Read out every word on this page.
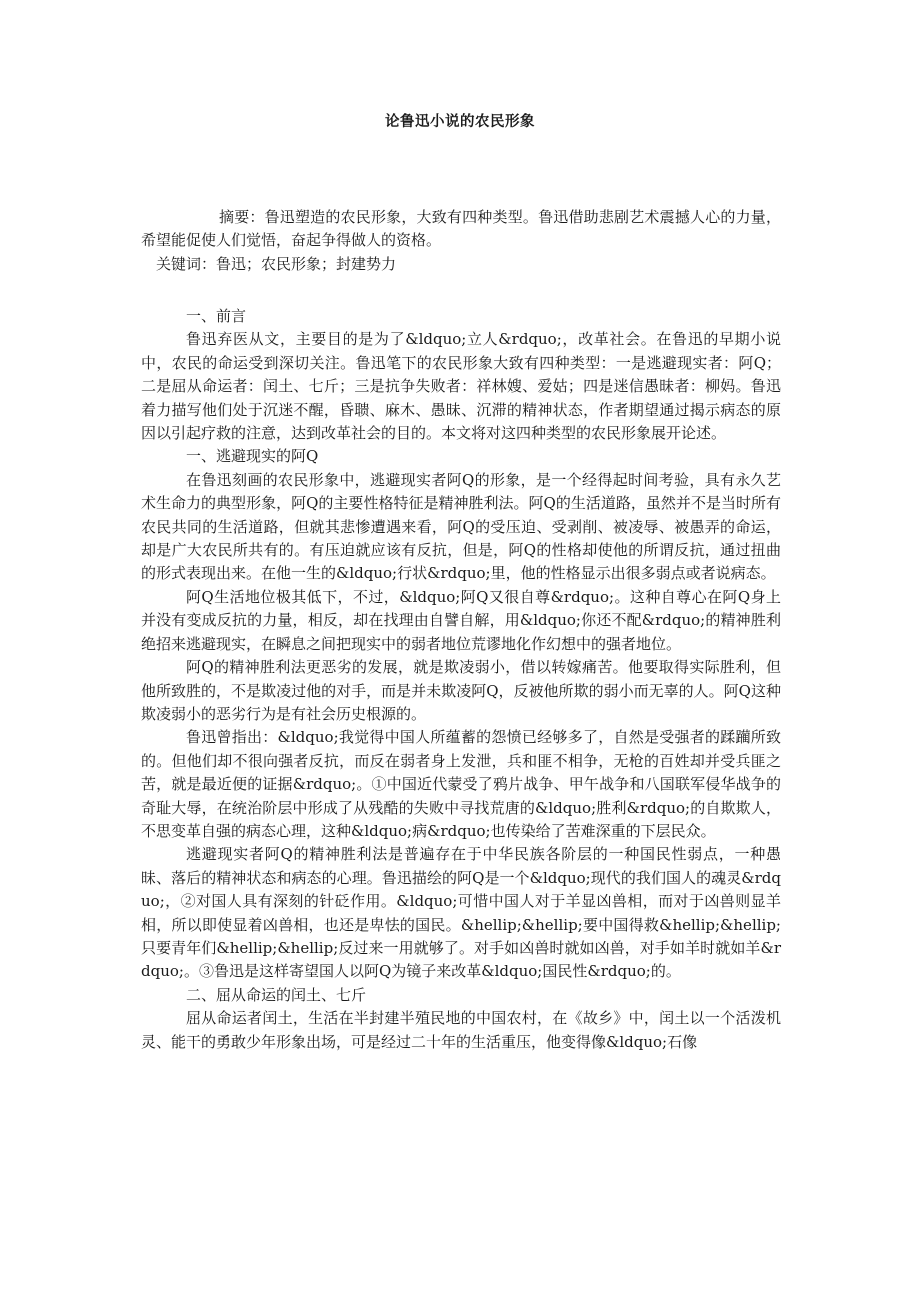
论鲁迅小说的农民形象

摘要：鲁迅塑造的农民形象，大致有四种类型。鲁迅借助悲剧艺术震撼人心的力量，希望能促使人们觉悟，奋起争得做人的资格。

关键词：鲁迅；农民形象；封建势力

一、前言

鲁迅弃医从文，主要目的是为了&ldquo;立人&rdquo;，改革社会。在鲁迅的早期小说中，农民的命运受到深切关注。鲁迅笔下的农民形象大致有四种类型：一是逃避现实者：阿Q；二是屈从命运者：闰土、七斤；三是抗争失败者：祥林嫂、爱姑；四是迷信愚昧者：柳妈。鲁迅着力描写他们处于沉迷不醒，昏聩、麻木、愚昧、沉滞的精神状态，作者期望通过揭示病态的原因以引起疗救的注意，达到改革社会的目的。本文将对这四种类型的农民形象展开论述。

一、逃避现实的阿Q

在鲁迅刻画的农民形象中，逃避现实者阿Q的形象，是一个经得起时间考验，具有永久艺术生命力的典型形象，阿Q的主要性格特征是精神胜利法。阿Q的生活道路，虽然并不是当时所有农民共同的生活道路，但就其悲惨遭遇来看，阿Q的受压迫、受剥削、被凌辱、被愚弄的命运，却是广大农民所共有的。有压迫就应该有反抗，但是，阿Q的性格却使他的所谓反抗，通过扭曲的形式表现出来。在他一生的&ldquo;行状&rdquo;里，他的性格显示出很多弱点或者说病态。

阿Q生活地位极其低下，不过，&ldquo;阿Q又很自尊&rdquo;。这种自尊心在阿Q身上并没有变成反抗的力量，相反，却在找理由自譬自解，用&ldquo;你还不配&rdquo;的精神胜利绝招来逃避现实，在瞬息之间把现实中的弱者地位荒谬地化作幻想中的强者地位。

阿Q的精神胜利法更恶劣的发展，就是欺凌弱小，借以转嫁痛苦。他要取得实际胜利，但他所致胜的，不是欺凌过他的对手，而是并未欺凌阿Q，反被他所欺的弱小而无辜的人。阿Q这种欺凌弱小的恶劣行为是有社会历史根源的。

鲁迅曾指出：&ldquo;我觉得中国人所蕴蓄的怨愤已经够多了，自然是受强者的蹂躏所致的。但他们却不很向强者反抗，而反在弱者身上发泄，兵和匪不相争，无枪的百姓却并受兵匪之苦，就是最近便的证据&rdquo;。①中国近代蒙受了鸦片战争、甲午战争和八国联军侵华战争的奇耻大辱，在统治阶层中形成了从残酷的失败中寻找荒唐的&ldquo;胜利&rdquo;的自欺欺人，不思变革自强的病态心理，这种&ldquo;病&rdquo;也传染给了苦难深重的下层民众。

逃避现实者阿Q的精神胜利法是普遍存在于中华民族各阶层的一种国民性弱点，一种愚昧、落后的精神状态和病态的心理。鲁迅描绘的阿Q是一个&ldquo;现代的我们国人的魂灵&rdquo;，②对国人具有深刻的针砭作用。&ldquo;可惜中国人对于羊显凶兽相，而对于凶兽则显羊相，所以即使显着凶兽相，也还是卑怯的国民。&hellip;&hellip;要中国得救&hellip;&hellip;只要青年们&hellip;&hellip;反过来一用就够了。对手如凶兽时就如凶兽，对手如羊时就如羊&rdquo;。③鲁迅是这样寄望国人以阿Q为镜子来改革&ldquo;国民性&rdquo;的。

二、屈从命运的闰土、七斤

屈从命运者闰土，生活在半封建半殖民地的中国农村，在《故乡》中，闰土以一个活泼机灵、能干的勇敢少年形象出场，可是经过二十年的生活重压，他变得像&ldquo;石像
